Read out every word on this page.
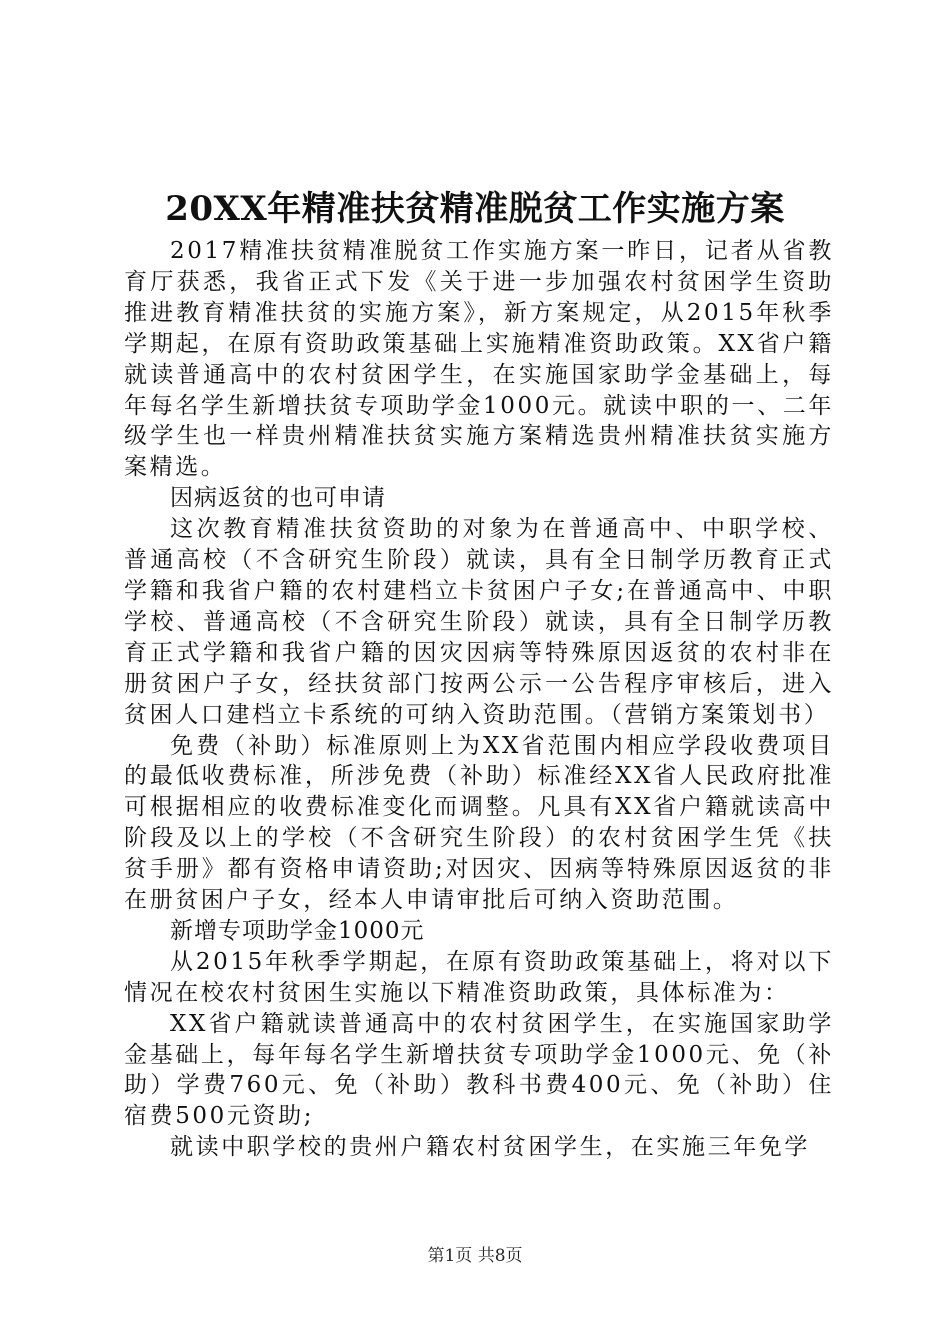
20XX年精准扶贫精准脱贫工作实施方案

2017精准扶贫精准脱贫工作实施方案一昨日，记者从省教育厅获悉，我省正式下发《关于进一步加强农村贫困学生资助推进教育精准扶贫的实施方案》，新方案规定，从2015年秋季学期起，在原有资助政策基础上实施精准资助政策。XX省户籍就读普通高中的农村贫困学生，在实施国家助学金基础上，每年每名学生新增扶贫专项助学金1000元。就读中职的一、二年级学生也一样贵州精准扶贫实施方案精选贵州精准扶贫实施方案精选。

因病返贫的也可申请

这次教育精准扶贫资助的对象为在普通高中、中职学校、普通高校（不含研究生阶段）就读，具有全日制学历教育正式学籍和我省户籍的农村建档立卡贫困户子女;在普通高中、中职学校、普通高校（不含研究生阶段）就读，具有全日制学历教育正式学籍和我省户籍的因灾因病等特殊原因返贫的农村非在册贫困户子女，经扶贫部门按两公示一公告程序审核后，进入贫困人口建档立卡系统的可纳入资助范围。（营销方案策划书）

免费（补助）标准原则上为XX省范围内相应学段收费项目的最低收费标准，所涉免费（补助）标准经XX省人民政府批准可根据相应的收费标准变化而调整。凡具有XX省户籍就读高中阶段及以上的学校（不含研究生阶段）的农村贫困学生凭《扶贫手册》都有资格申请资助;对因灾、因病等特殊原因返贫的非在册贫困户子女，经本人申请审批后可纳入资助范围。

新增专项助学金1000元

从2015年秋季学期起，在原有资助政策基础上，将对以下情况在校农村贫困生实施以下精准资助政策，具体标准为：

XX省户籍就读普通高中的农村贫困学生，在实施国家助学金基础上，每年每名学生新增扶贫专项助学金1000元、免（补助）学费760元、免（补助）教科书费400元、免（补助）住宿费500元资助;

就读中职学校的贵州户籍农村贫困学生，在实施三年免学

第1页 共8页
